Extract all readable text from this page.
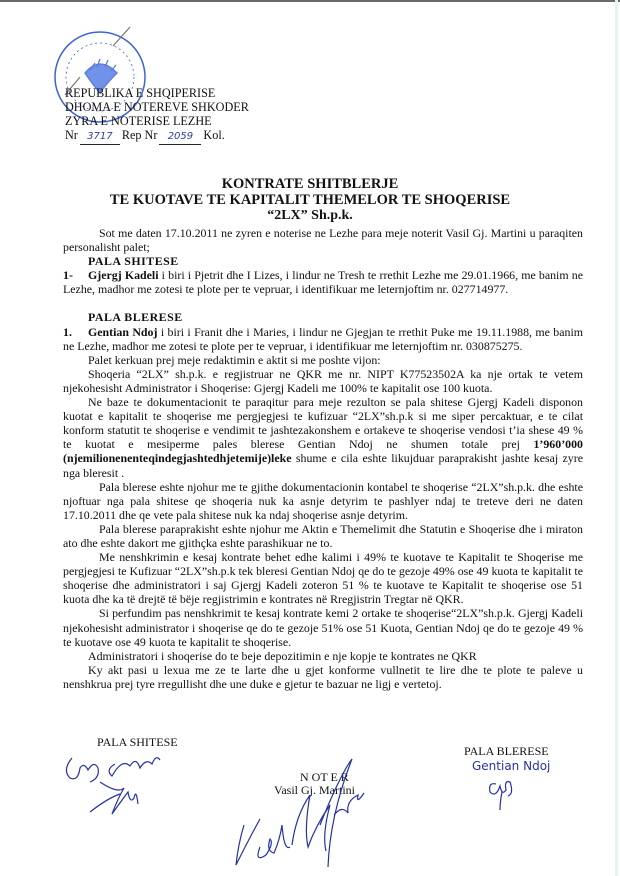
REPUBLIKA E SHQIPERISE
DHOMA E NOTEREVE SHKODER
ZYRA E NOTERISE LEZHE
Nr 3717 Rep Nr	2059 Kol.
KONTRATE SHITBLERJE
TE KUOTAVE TE KAPITALIT THEMELOR TE SHOQERISE
“2LX” Sh.p.k.

Sot me daten 17.10.2011 ne zyren e noterise ne Lezhe para meje noterit Vasil Gj. Martini u paraqiten personalisht palet;

PALA SHITESE

1- Gjergj Kadeli i biri i Pjetrit dhe I Lizes, i lindur ne Tresh te rrethit Lezhe me 29.01.1966, me banim ne Lezhe, madhor me zotesi te plote per te vepruar, i identifikuar me leternjoftim nr. 027714977.

PALA BLERESE

1. Gentian Ndoj i biri i Franit dhe i Maries, i lindur ne Gjegjan te rrethit Puke me 19.11.1988, me banim ne Lezhe, madhor me zotesi te plote per te vepruar, i identifikuar me leternjoftim nr. 030875275.

Palet kerkuan prej meje redaktimin e aktit si me poshte vijon:

Shoqeria “2LX” sh.p.k. e regjistruar ne QKR me nr. NIPT K77523502A ka nje ortak te vetem njekohesisht Administrator i Shoqerise: Gjergj Kadeli me 100% te kapitalit ose 100 kuota.

Ne baze te dokumentacionit te paraqitur para meje rezulton se pala shitese Gjergj Kadeli disponon kuotat e kapitalit te shoqerise me pergjegjesi te kufizuar “2LX”sh.p.k si me siper percaktuar, e te cilat konform statutit te shoqerise e vendimit te jashtezakonshem e ortakeve te shoqerise vendosi t’ia shese 49 % te kuotat e mesiperme pales blerese Gentian Ndoj ne shumen totale prej 1’960’000 (njemilionenenteqindegjashtedhjetemije)leke shume e cila eshte likujduar paraprakisht jashte kesaj zyre nga bleresit .

Pala blerese eshte njohur me te gjithe dokumentacionin kontabel te shoqerise “2LX”sh.p.k. dhe eshte njoftuar nga pala shitese qe shoqeria nuk ka asnje detyrim te pashlyer ndaj te treteve deri ne daten 17.10.2011 dhe qe vete pala shitese nuk ka ndaj shoqerise asnje detyrim.

Pala blerese paraprakisht eshte njohur me Aktin e Themelimit dhe Statutin e Shoqerise dhe i miraton ato dhe eshte dakort me gjithçka eshte parashikuar ne to.

Me nenshkrimin e kesaj kontrate behet edhe kalimi i 49% te kuotave te Kapitalit te Shoqerise me pergjegjesi te Kufizuar “2LX”sh.p.k tek bleresi Gentian Ndoj qe do te gezoje 49% ose 49 kuota te kapitalit te shoqerise dhe administratori i saj Gjergj Kadeli zoteron 51 % te kuotave te Kapitalit te shoqerise ose 51 kuota dhe ka të drejtë të bëje regjistrimin e kontrates në Rregjistrin Tregtar në QKR.

Si perfundim pas nenshkrimit te kesaj kontrate kemi 2 ortake te shoqerise“2LX”sh.p.k. Gjergj Kadeli njekohesisht administrator i shoqerise qe do te gezoje 51% ose 51 Kuota, Gentian Ndoj qe do te gezoje 49 % te kuotave ose 49 kuota te kapitalit te shoqerise.

Administratori i shoqerise do te beje depozitimin e nje kopje te kontrates ne QKR

Ky akt pasi u lexua me ze te larte dhe u gjet konforme vullnetit te lire dhe te plote te paleve u nenshkrua prej tyre rregullisht dhe une duke e gjetur te bazuar ne ligj e vertetoj.

PALA SHITESE
N OT E R
Vasil Gj. Martini
PALA BLERESE
Gentian Ndoj
